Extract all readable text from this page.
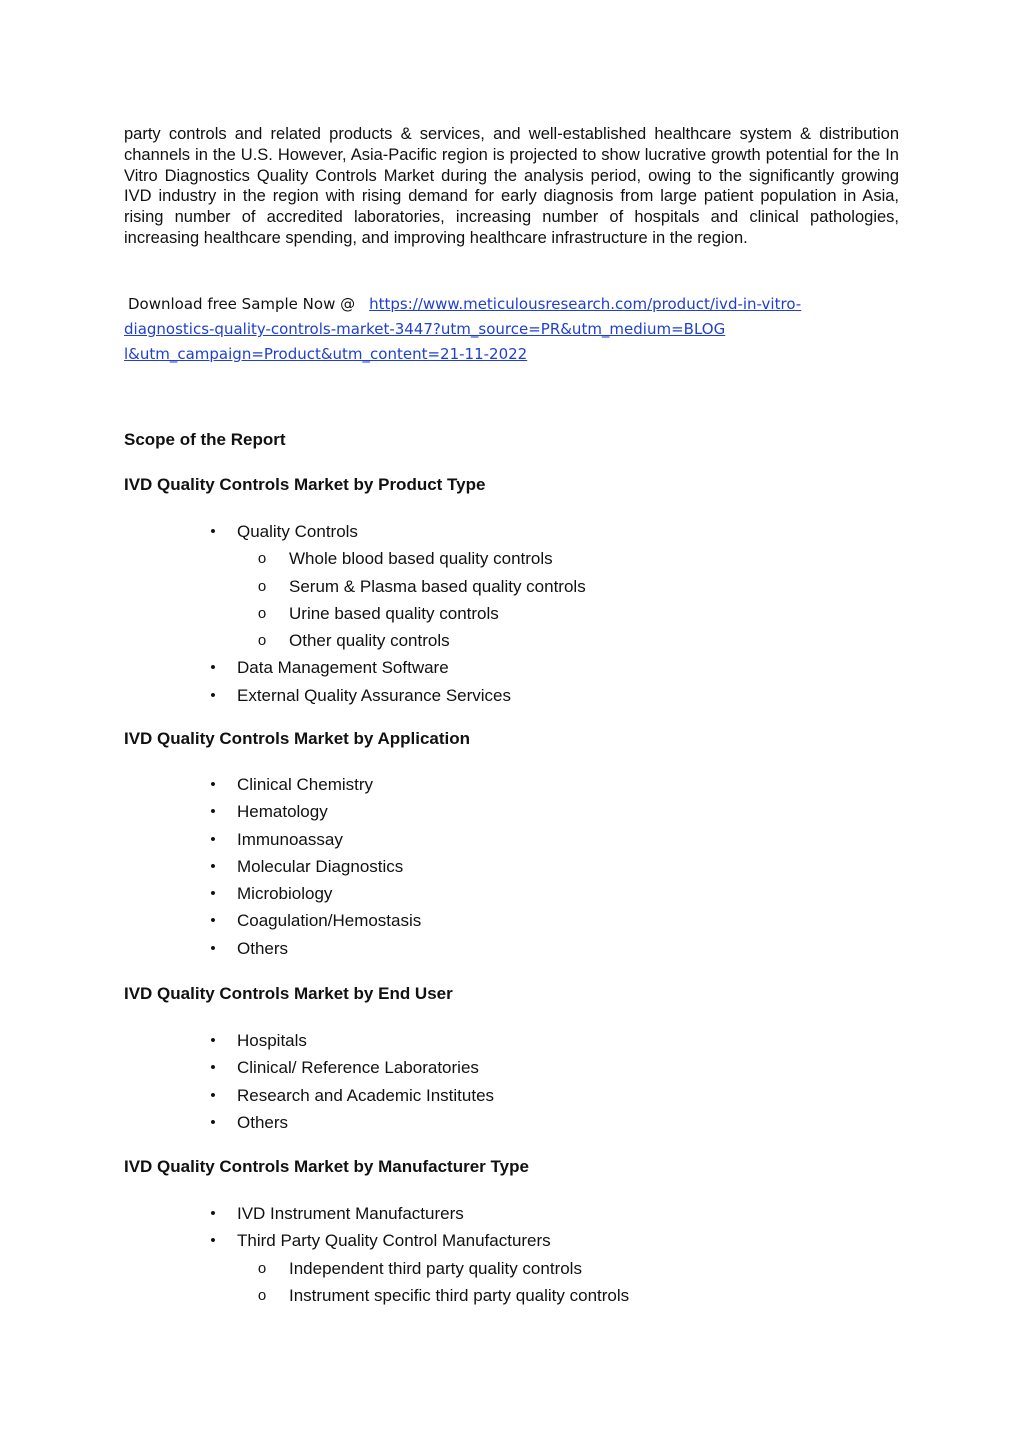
party controls and related products & services, and well-established healthcare system & distribution channels in the U.S. However, Asia-Pacific region is projected to show lucrative growth potential for the In Vitro Diagnostics Quality Controls Market during the analysis period, owing to the significantly growing IVD industry in the region with rising demand for early diagnosis from large patient population in Asia, rising number of accredited laboratories, increasing number of hospitals and clinical pathologies, increasing healthcare spending, and improving healthcare infrastructure in the region.

Download free Sample Now @ https://www.meticulousresearch.com/product/ivd-in-vitro-
diagnostics-quality-controls-market-3447?utm_source=PR&utm_medium=BLOG
l&utm_campaign=Product&utm_content=21-11-2022
Scope of the Report
IVD Quality Controls Market by Product Type
• Quality Controls
o Whole blood based quality controls
o Serum & Plasma based quality controls
o Urine based quality controls
o Other quality controls
• Data Management Software
• External Quality Assurance Services
IVD Quality Controls Market by Application
• Clinical Chemistry
• Hematology
• Immunoassay
• Molecular Diagnostics
• Microbiology
• Coagulation/Hemostasis
• Others
IVD Quality Controls Market by End User
• Hospitals
• Clinical/ Reference Laboratories
• Research and Academic Institutes
• Others
IVD Quality Controls Market by Manufacturer Type
• IVD Instrument Manufacturers
• Third Party Quality Control Manufacturers
o Independent third party quality controls
o Instrument specific third party quality controls
